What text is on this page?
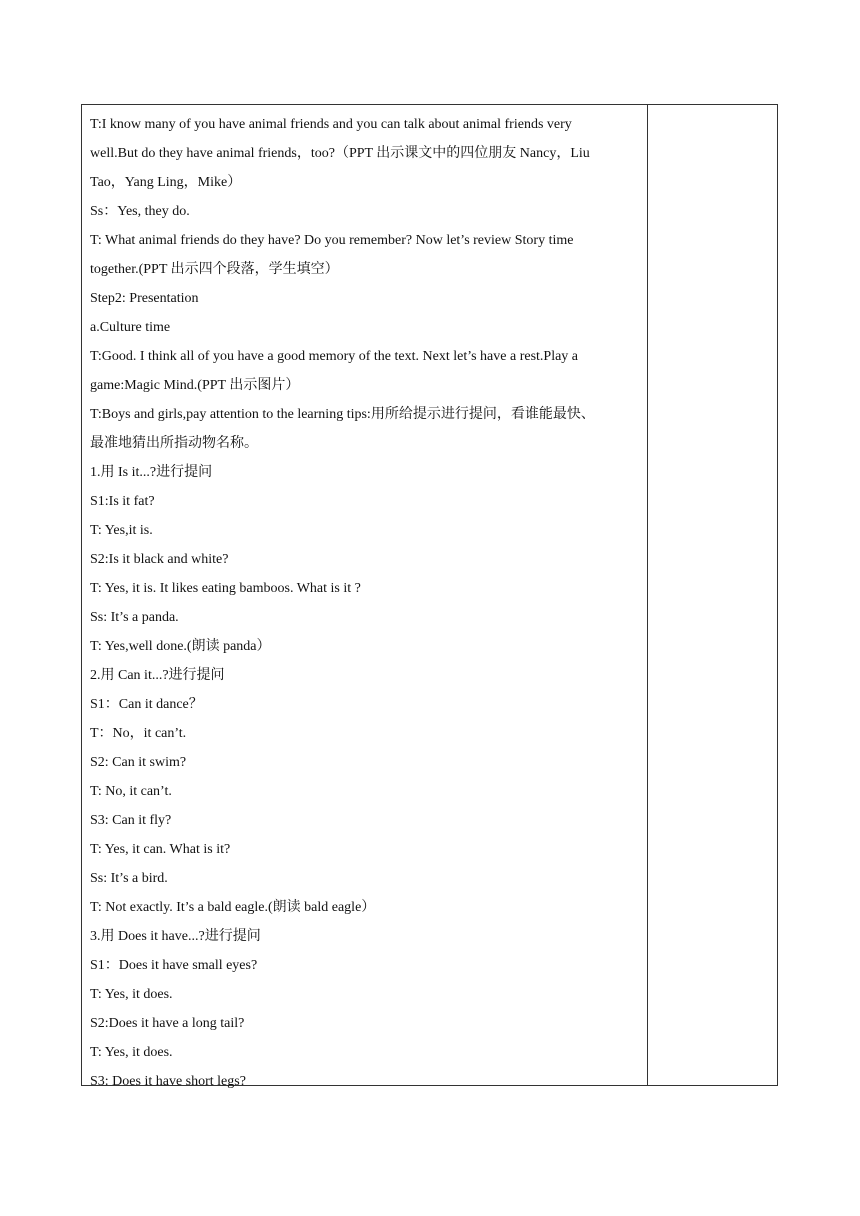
T:I know many of you have animal friends and you can talk about animal friends very
well.But do they have animal friends，too?（PPT 出示课文中的四位朋友 Nancy，Liu
Tao，Yang Ling，Mike）
Ss：Yes, they do.
T: What animal friends do they have? Do you remember? Now let’s review Story time
together.(PPT 出示四个段落，学生填空）
Step2: Presentation
a.Culture time
T:Good. I think all of you have a good memory of the text. Next let’s have a rest.Play a
game:Magic Mind.(PPT 出示图片）
T:Boys and girls,pay attention to the learning tips:用所给提示进行提问，看谁能最快、
最准地猜出所指动物名称。
1.用 Is it...?进行提问
S1:Is it fat?
T: Yes,it is.
S2:Is it black and white?
T: Yes, it is. It likes eating bamboos. What is it ?
Ss: It’s a panda.
T: Yes,well done.(朗读 panda）
2.用 Can it...?进行提问
S1：Can it dance？
T：No，it can’t.
S2: Can it swim?
T: No, it can’t.
S3: Can it fly?
T: Yes, it can. What is it?
Ss: It’s a bird.
T: Not exactly. It’s a bald eagle.(朗读 bald eagle）
3.用 Does it have...?进行提问
S1：Does it have small eyes?
T: Yes, it does.
S2:Does it have a long tail?
T: Yes, it does.
S3: Does it have short legs?
